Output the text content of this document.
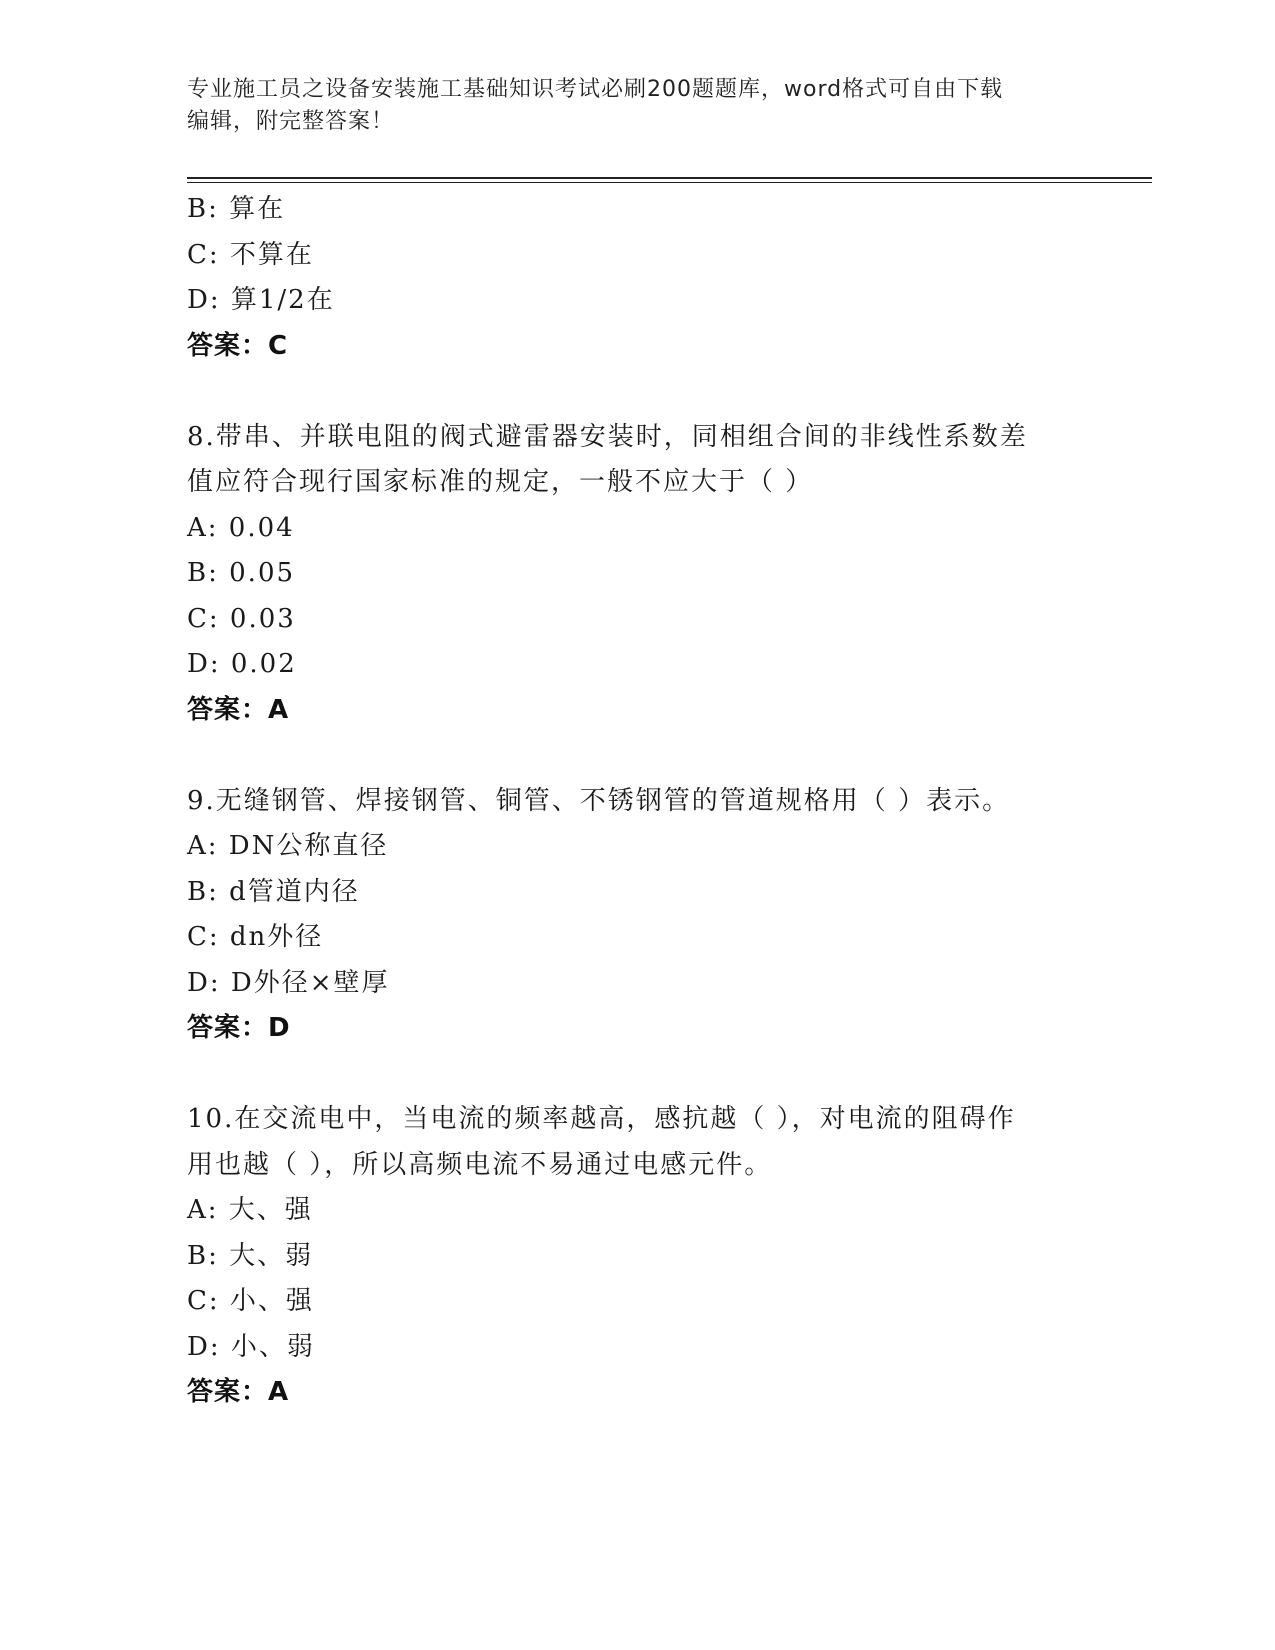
专业施工员之设备安装施工基础知识考试必刷200题题库，word格式可自由下载
编辑，附完整答案！
B: 算在
C: 不算在
D: 算1/2在
答案：C
8.带串、并联电阻的阀式避雷器安装时，同相组合间的非线性系数差
值应符合现行国家标准的规定，一般不应大于（ ）
A: 0.04
B: 0.05
C: 0.03
D: 0.02
答案：A
9.无缝钢管、焊接钢管、铜管、不锈钢管的管道规格用（ ）表示。
A: DN公称直径
B: d管道内径
C: dn外径
D: D外径×壁厚
答案：D
10.在交流电中，当电流的频率越高，感抗越（ ），对电流的阻碍作
用也越（ ），所以高频电流不易通过电感元件。
A: 大、强
B: 大、弱
C: 小、强
D: 小、弱
答案：A
